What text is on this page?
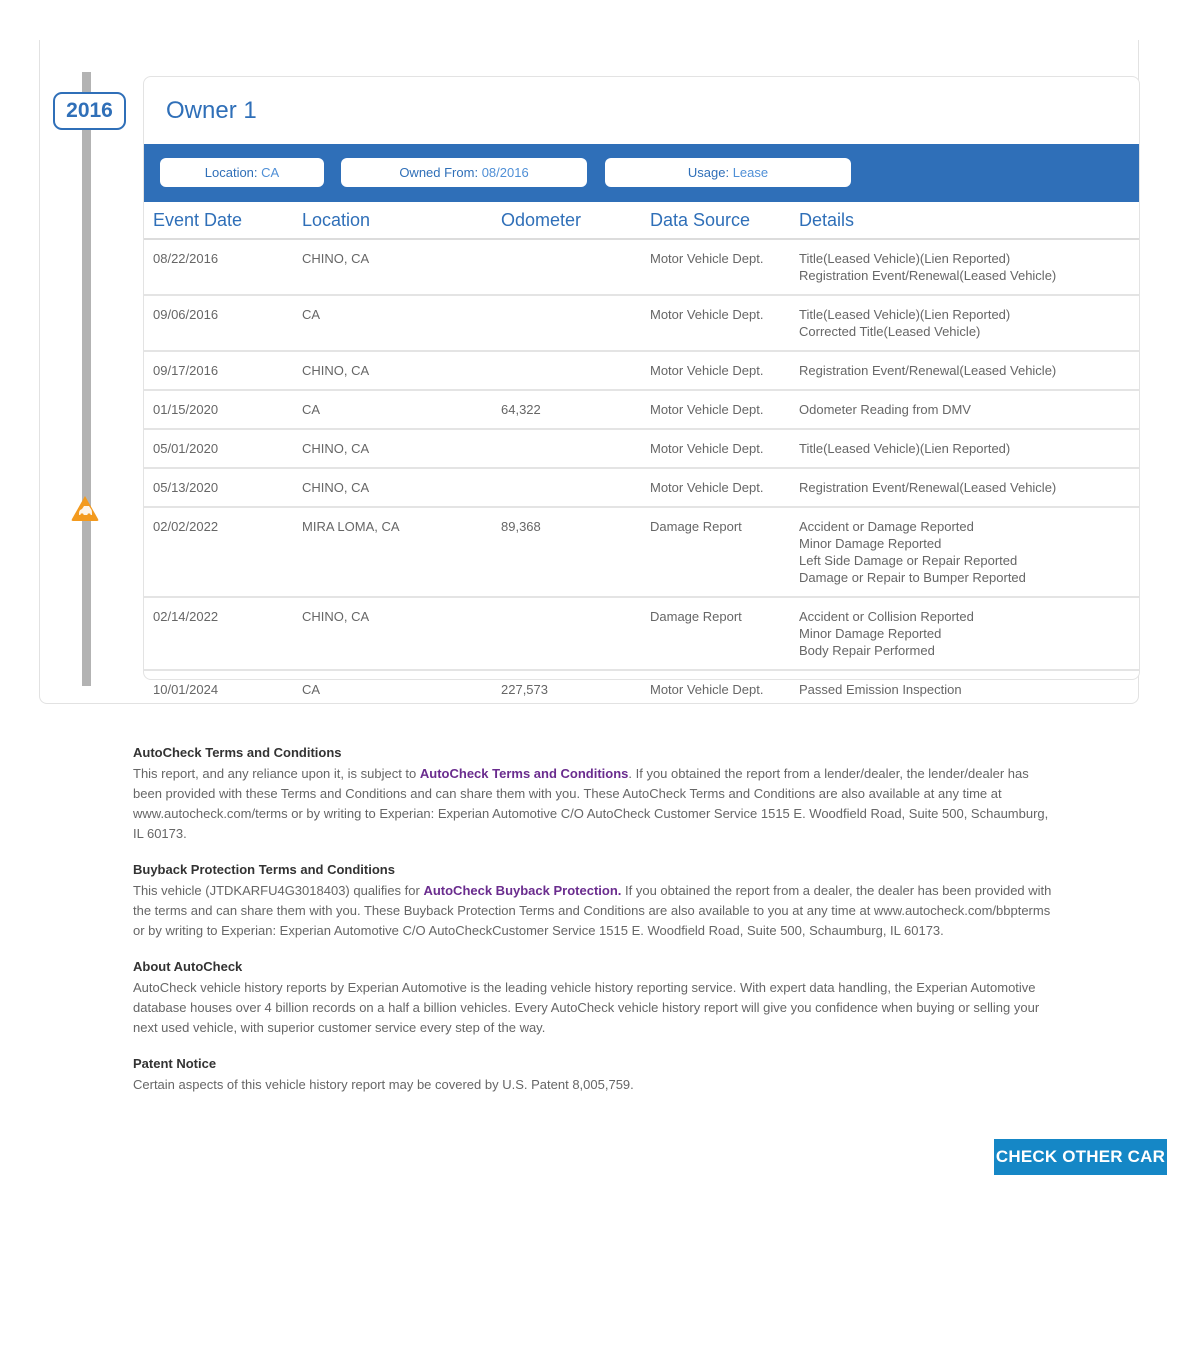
2016	Owner 1
Location: CA	Owned From: 08/2016	Usage: Lease
Event Date	Location	Odometer	Data Source	Details
08/22/2016	CHINO, CA		Motor Vehicle Dept.	Title(Leased Vehicle)(Lien Reported)
Registration Event/Renewal(Leased Vehicle)

09/06/2016	CA		Motor Vehicle Dept.	Title(Leased Vehicle)(Lien Reported)
Corrected Title(Leased Vehicle)

09/17/2016	CHINO, CA		Motor Vehicle Dept.	Registration Event/Renewal(Leased Vehicle)

01/15/2020	CA	64,322	Motor Vehicle Dept.	Odometer Reading from DMV

05/01/2020	CHINO, CA		Motor Vehicle Dept.	Title(Leased Vehicle)(Lien Reported)

05/13/2020	CHINO, CA		Motor Vehicle Dept.	Registration Event/Renewal(Leased Vehicle)

02/02/2022	MIRA LOMA, CA	89,368	Damage Report	Accident or Damage Reported
Minor Damage Reported
Left Side Damage or Repair Reported
Damage or Repair to Bumper Reported

02/14/2022	CHINO, CA		Damage Report	Accident or Collision Reported
Minor Damage Reported
Body Repair Performed

10/01/2024	CA	227,573	Motor Vehicle Dept.	Passed Emission Inspection
AutoCheck Terms and Conditions

This report, and any reliance upon it, is subject to AutoCheck Terms and Conditions. If you obtained the report from a lender/dealer, the lender/dealer has been provided with these Terms and Conditions and can share them with you. These AutoCheck Terms and Conditions are also available at any time at www.autocheck.com/terms or by writing to Experian: Experian Automotive C/O AutoCheck Customer Service 1515 E. Woodfield Road, Suite 500, Schaumburg, IL 60173.

Buyback Protection Terms and Conditions

This vehicle (JTDKARFU4G3018403) qualifies for AutoCheck Buyback Protection. If you obtained the report from a dealer, the dealer has been provided with the terms and can share them with you. These Buyback Protection Terms and Conditions are also available to you at any time at www.autocheck.com/bbpterms or by writing to Experian: Experian Automotive C/O AutoCheckCustomer Service 1515 E. Woodfield Road, Suite 500, Schaumburg, IL 60173.

About AutoCheck

AutoCheck vehicle history reports by Experian Automotive is the leading vehicle history reporting service. With expert data handling, the Experian Automotive database houses over 4 billion records on a half a billion vehicles. Every AutoCheck vehicle history report will give you confidence when buying or selling your next used vehicle, with superior customer service every step of the way.

Patent Notice

Certain aspects of this vehicle history report may be covered by U.S. Patent 8,005,759.

CHECK OTHER CAR
